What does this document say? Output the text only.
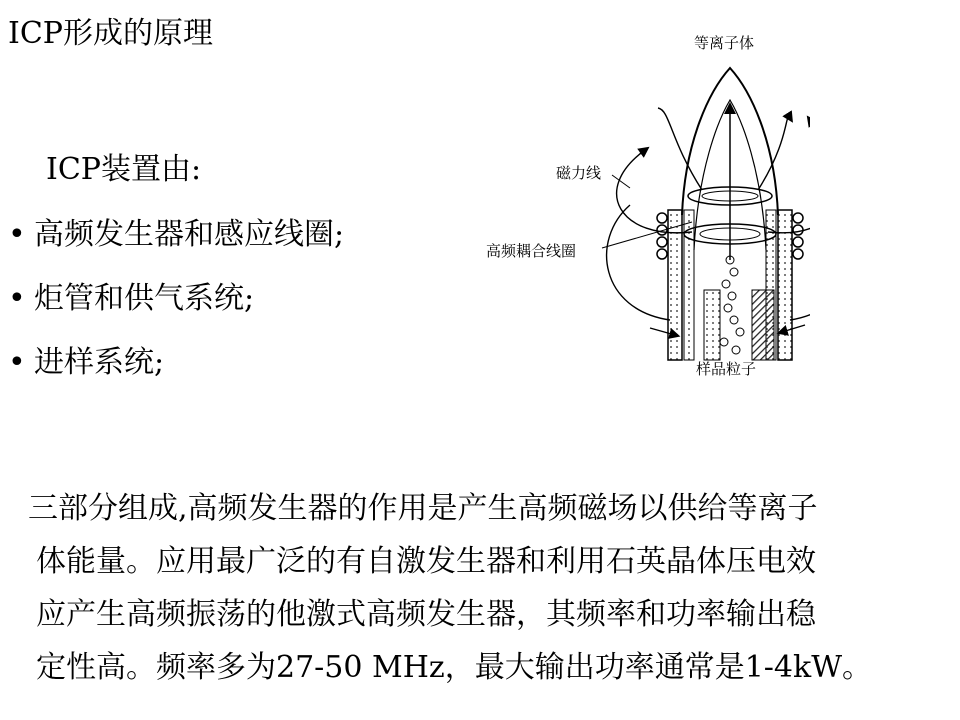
ICP形成的原理
ICP装置由:
• 高频发生器和感应线圈;
• 炬管和供气系统;
• 进样系统;
等离子体
磁力线
高频耦合线圈
样品粒子
三部分组成,高频发生器的作用是产生高频磁场以供给等离子
体能量。应用最广泛的有自激发生器和利用石英晶体压电效
应产生高频振荡的他激式高频发生器，其频率和功率输出稳
定性高。频率多为27-50 MHz，最大输出功率通常是1-4kW。
